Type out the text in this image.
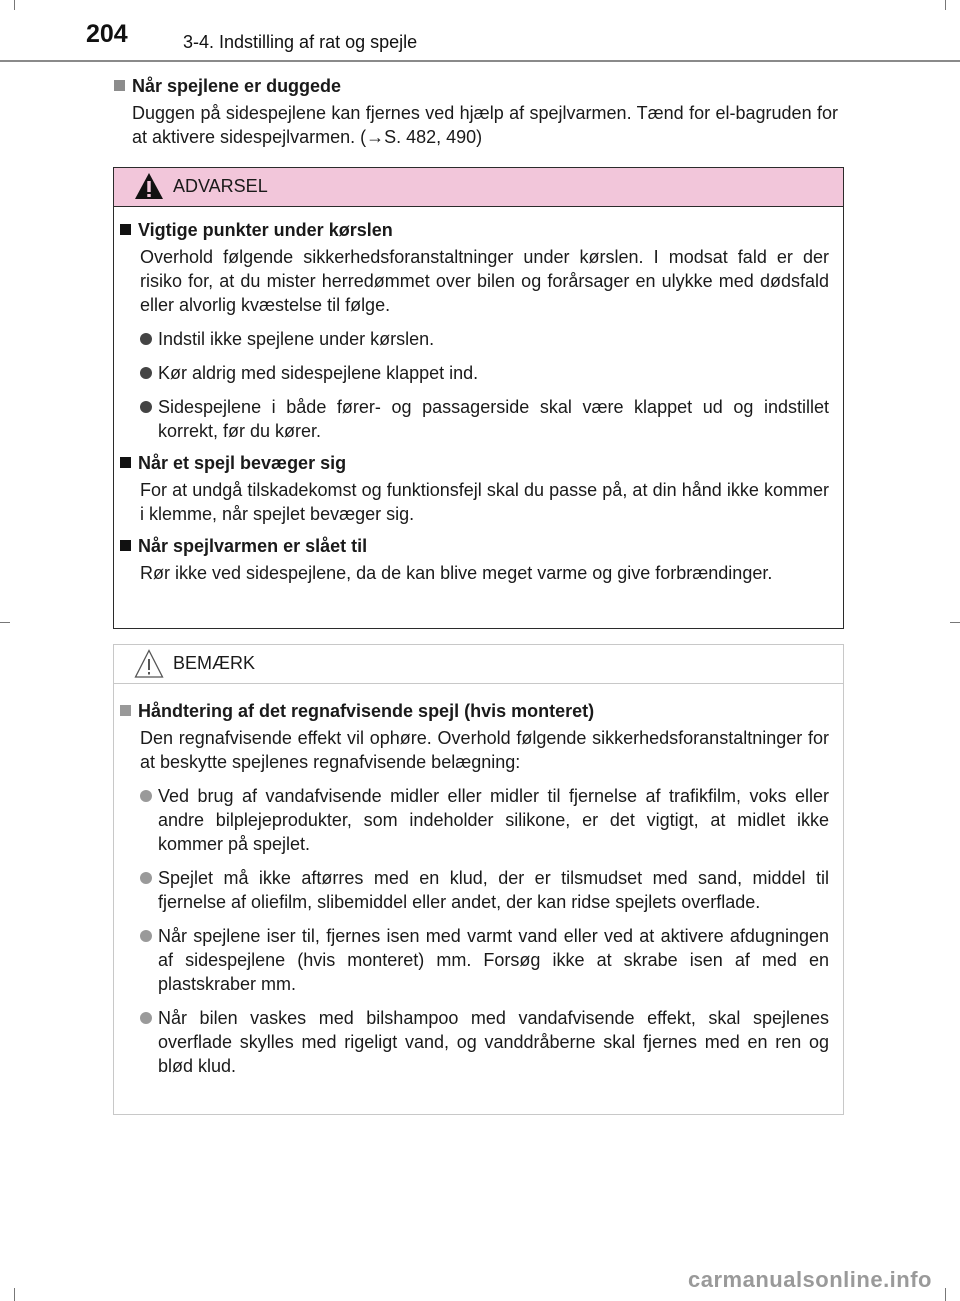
204	3-4. Indstilling af rat og spejle
Når spejlene er duggede
Duggen på sidespejlene kan fjernes ved hjælp af spejlvarmen. Tænd for el-bagruden for at aktivere sidespejlvarmen. (→S. 482, 490)
ADVARSEL
Vigtige punkter under kørslen
Overhold følgende sikkerhedsforanstaltninger under kørslen. I modsat fald er der risiko for, at du mister herredømmet over bilen og forårsager en ulykke med dødsfald eller alvorlig kvæstelse til følge.
Indstil ikke spejlene under kørslen.
Kør aldrig med sidespejlene klappet ind.
Sidespejlene i både fører- og passagerside skal være klappet ud og indstillet korrekt, før du kører.
Når et spejl bevæger sig
For at undgå tilskadekomst og funktionsfejl skal du passe på, at din hånd ikke kommer i klemme, når spejlet bevæger sig.
Når spejlvarmen er slået til
Rør ikke ved sidespejlene, da de kan blive meget varme og give forbrændinger.
BEMÆRK
Håndtering af det regnafvisende spejl (hvis monteret)
Den regnafvisende effekt vil ophøre. Overhold følgende sikkerhedsforanstaltninger for at beskytte spejlenes regnafvisende belægning:
Ved brug af vandafvisende midler eller midler til fjernelse af trafikfilm, voks eller andre bilplejeprodukter, som indeholder silikone, er det vigtigt, at midlet ikke kommer på spejlet.
Spejlet må ikke aftørres med en klud, der er tilsmudset med sand, middel til fjernelse af oliefilm, slibemiddel eller andet, der kan ridse spejlets overflade.
Når spejlene iser til, fjernes isen med varmt vand eller ved at aktivere afdugningen af sidespejlene (hvis monteret) mm. Forsøg ikke at skrabe isen af med en plastskraber mm.
Når bilen vaskes med bilshampoo med vandafvisende effekt, skal spejlenes overflade skylles med rigeligt vand, og vanddråberne skal fjernes med en ren og blød klud.
carmanualsonline.info
